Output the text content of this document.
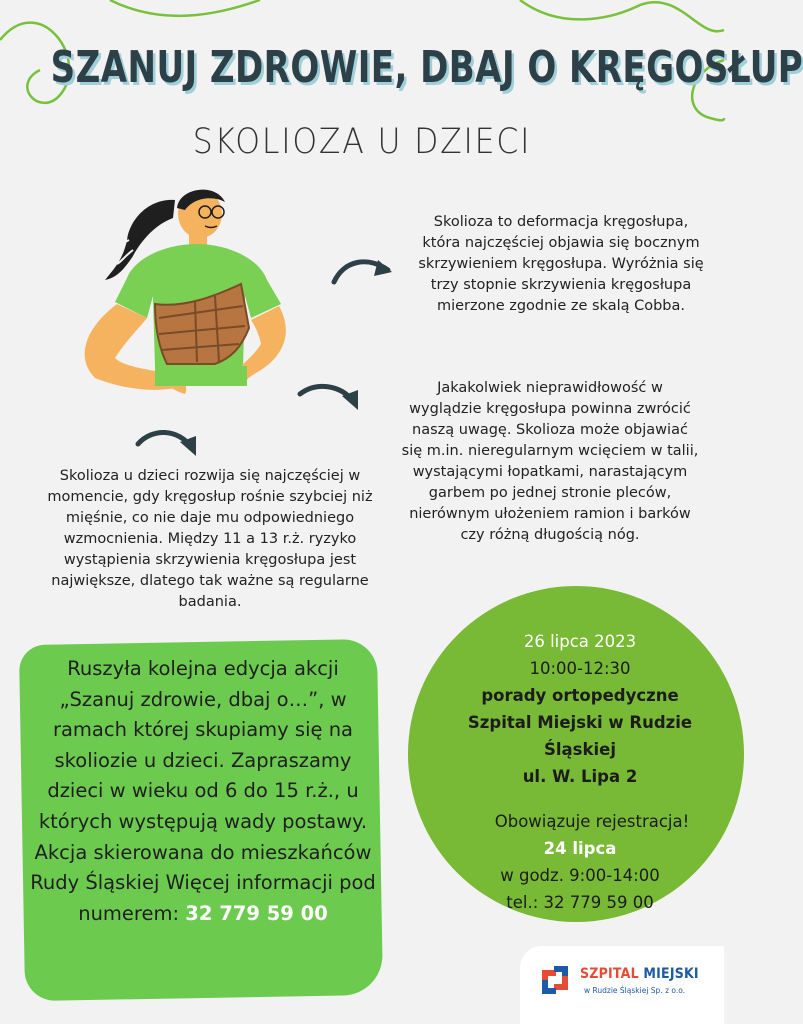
SZANUJ ZDROWIE, DBAJ O KRĘGOSŁUP
SKOLIOZA U DZIECI
Skolioza to deformacja kręgosłupa, która najczęściej objawia się bocznym skrzywieniem kręgosłupa. Wyróżnia się trzy stopnie skrzywienia kręgosłupa mierzone zgodnie ze skalą Cobba.
Jakakolwiek nieprawidłowość w wyglądzie kręgosłupa powinna zwrócić naszą uwagę. Skolioza może objawiać się m.in. nieregularnym wcięciem w talii, wystającymi łopatkami, narastającym garbem po jednej stronie pleców, nierównym ułożeniem ramion i barków czy różną długością nóg.
Skolioza u dzieci rozwija się najczęściej w momencie, gdy kręgosłup rośnie szybciej niż mięśnie, co nie daje mu odpowiedniego wzmocnienia. Między 11 a 13 r.ż. ryzyko wystąpienia skrzywienia kręgosłupa jest największe, dlatego tak ważne są regularne badania.
Ruszyła kolejna edycja akcji „Szanuj zdrowie, dbaj o…”, w ramach której skupiamy się na skoliozie u dzieci. Zapraszamy dzieci w wieku od 6 do 15 r.ż., u których występują wady postawy. Akcja skierowana do mieszkańców Rudy Śląskiej Więcej informacji pod numerem: 32 779 59 00
26 lipca 2023
10:00-12:30
porady ortopedyczne
Szpital Miejski w Rudzie Śląskiej
ul. W. Lipa 2
Obowiązuje rejestracja!
24 lipca
w godz. 9:00-14:00
tel.: 32 779 59 00
SZPITAL MIEJSKI
w Rudzie Śląskiej Sp. z o.o.
